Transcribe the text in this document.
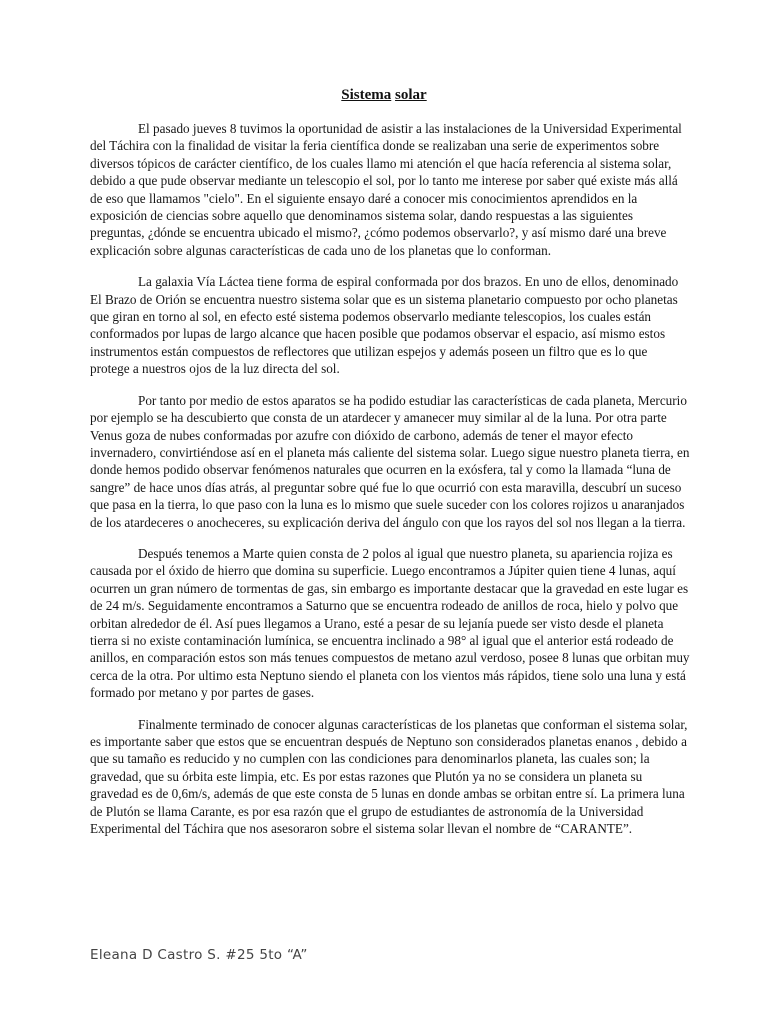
Sistema solar

El pasado jueves 8 tuvimos la oportunidad de asistir a las instalaciones de la Universidad Experimental del Táchira con la finalidad de visitar la feria científica donde se realizaban una serie de experimentos sobre diversos tópicos de carácter científico, de los cuales llamo mi atención el que hacía referencia al sistema solar, debido a que pude observar mediante un telescopio el sol, por lo tanto me interese por saber qué existe más allá de eso que llamamos "cielo". En el siguiente ensayo daré a conocer mis conocimientos aprendidos en la exposición de ciencias sobre aquello que denominamos sistema solar, dando respuestas a las siguientes preguntas, ¿dónde se encuentra ubicado el mismo?, ¿cómo podemos observarlo?, y así mismo daré una breve explicación sobre algunas características de cada uno de los planetas que lo conforman.

La galaxia Vía Láctea tiene forma de espiral conformada por dos brazos. En uno de ellos, denominado El Brazo de Orión se encuentra nuestro sistema solar que es un sistema planetario compuesto por ocho planetas que giran en torno al sol, en efecto esté sistema podemos observarlo mediante telescopios, los cuales están conformados por lupas de largo alcance que hacen posible que podamos observar el espacio, así mismo estos instrumentos están compuestos de reflectores que utilizan espejos y además poseen un filtro que es lo que protege a nuestros ojos de la luz directa del sol.

Por tanto por medio de estos aparatos se ha podido estudiar las características de cada planeta, Mercurio por ejemplo se ha descubierto que consta de un atardecer y amanecer muy similar al de la luna. Por otra parte Venus goza de nubes conformadas por azufre con dióxido de carbono, además de tener el mayor efecto invernadero, convirtiéndose así en el planeta más caliente del sistema solar. Luego sigue nuestro planeta tierra, en donde hemos podido observar fenómenos naturales que ocurren en la exósfera, tal y como la llamada “luna de sangre” de hace unos días atrás, al preguntar sobre qué fue lo que ocurrió con esta maravilla, descubrí un suceso que pasa en la tierra, lo que paso con la luna es lo mismo que suele suceder con los colores rojizos u anaranjados de los atardeceres o anocheceres, su explicación deriva del ángulo con que los rayos del sol nos llegan a la tierra.

Después tenemos a Marte quien consta de 2 polos al igual que nuestro planeta, su apariencia rojiza es causada por el óxido de hierro que domina su superficie. Luego encontramos a Júpiter quien tiene 4 lunas, aquí ocurren un gran número de tormentas de gas, sin embargo es importante destacar que la gravedad en este lugar es de 24 m/s. Seguidamente encontramos a Saturno que se encuentra rodeado de anillos de roca, hielo y polvo que orbitan alrededor de él. Así pues llegamos a Urano, esté a pesar de su lejanía puede ser visto desde el planeta tierra si no existe contaminación lumínica, se encuentra inclinado a 98° al igual que el anterior está rodeado de anillos, en comparación estos son más tenues compuestos de metano azul verdoso, posee 8 lunas que orbitan muy cerca de la otra. Por ultimo esta Neptuno siendo el planeta con los vientos más rápidos, tiene solo una luna y está formado por metano y por partes de gases.

Finalmente terminado de conocer algunas características de los planetas que conforman el sistema solar, es importante saber que estos que se encuentran después de Neptuno son considerados planetas enanos , debido a que su tamaño es reducido y no cumplen con las condiciones para denominarlos planeta, las cuales son; la gravedad, que su órbita este limpia, etc. Es por estas razones que Plutón ya no se considera un planeta su gravedad es de 0,6m/s, además de que este consta de 5 lunas en donde ambas se orbitan entre sí. La primera luna de Plutón se llama Carante, es por esa razón que el grupo de estudiantes de astronomía de la Universidad Experimental del Táchira que nos asesoraron sobre el sistema solar llevan el nombre de “CARANTE”.

Eleana D Castro S. #25 5to “A”
